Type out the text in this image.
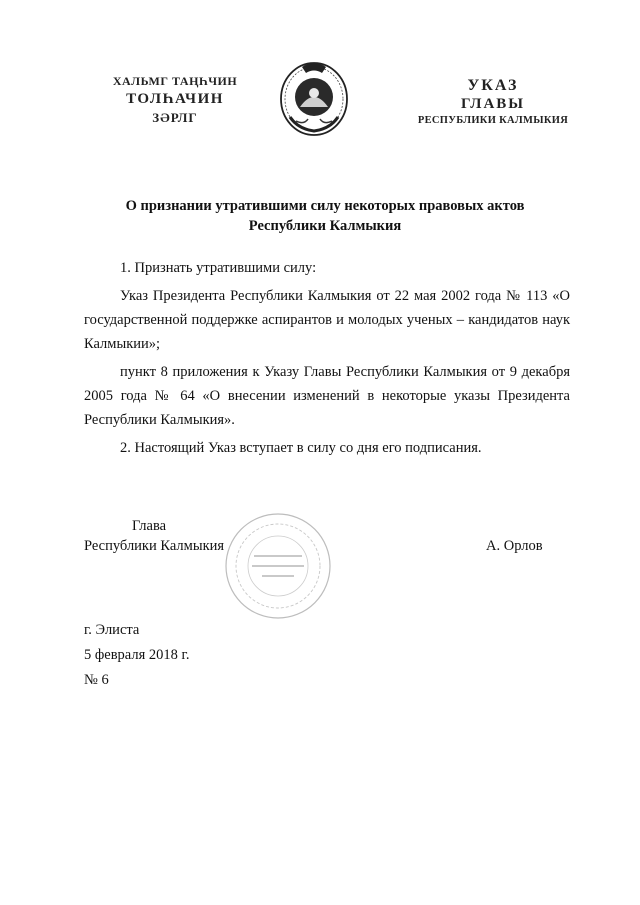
ХАЛЬМГ ТАҢҺЧИН
ТОЛҺАЧИН
ЗӘРЛГ
УКАЗ
ГЛАВЫ
РЕСПУБЛИКИ КАЛМЫКИЯ
О признании утратившими силу некоторых правовых актов
Республики Калмыкия

1. Признать утратившими силу:

Указ Президента Республики Калмыкия от 22 мая 2002 года № 113 «О государственной поддержке аспирантов и молодых ученых – кандидатов наук Калмыкии»;

пункт 8 приложения к Указу Главы Республики Калмыкия от 9 декабря 2005 года № 64 «О внесении изменений в некоторые указы Президента Республики Калмыкия».

2. Настоящий Указ вступает в силу со дня его подписания.

Глава
Республики Калмыкия	А. Орлов
г. Элиста
5 февраля 2018 г.
№ 6
